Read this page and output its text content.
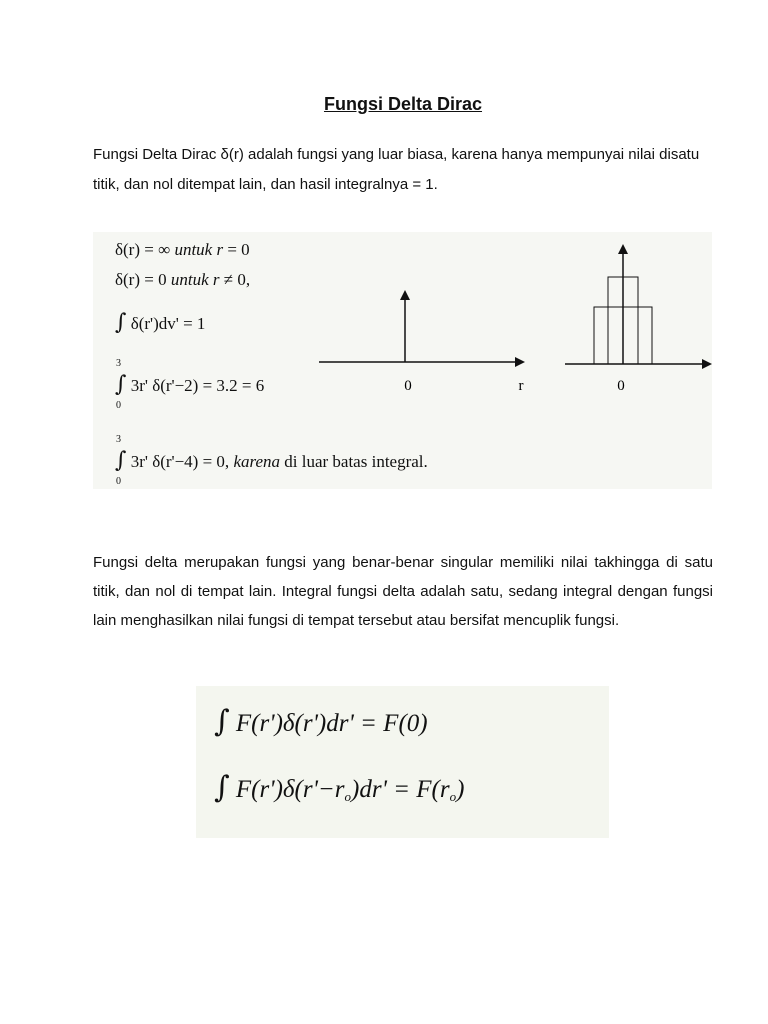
Fungsi Delta Dirac

Fungsi Delta Dirac δ(r) adalah fungsi yang luar biasa, karena hanya mempunyai nilai disatu titik, dan nol ditempat lain, dan hasil integralnya = 1.

δ(r) = ∞ untuk r = 0
δ(r) = 0 untuk r ≠ 0,
∫ δ(r')dv' = 1
3
∫
0
3r' δ(r'−2) = 3.2 = 6
3
∫
0
3r' δ(r'−4) = 0, karena di luar batas integral.
0	r	0

Fungsi delta merupakan fungsi yang benar-benar singular memiliki nilai takhingga di satu titik, dan nol di tempat lain. Integral fungsi delta adalah satu, sedang integral dengan fungsi lain menghasilkan nilai fungsi di tempat tersebut atau bersifat mencuplik fungsi.

∫ F(r')δ(r')dr' = F(0)
∫ $F(r')\delta(r'-r_o)dr' = F(r_o)$
